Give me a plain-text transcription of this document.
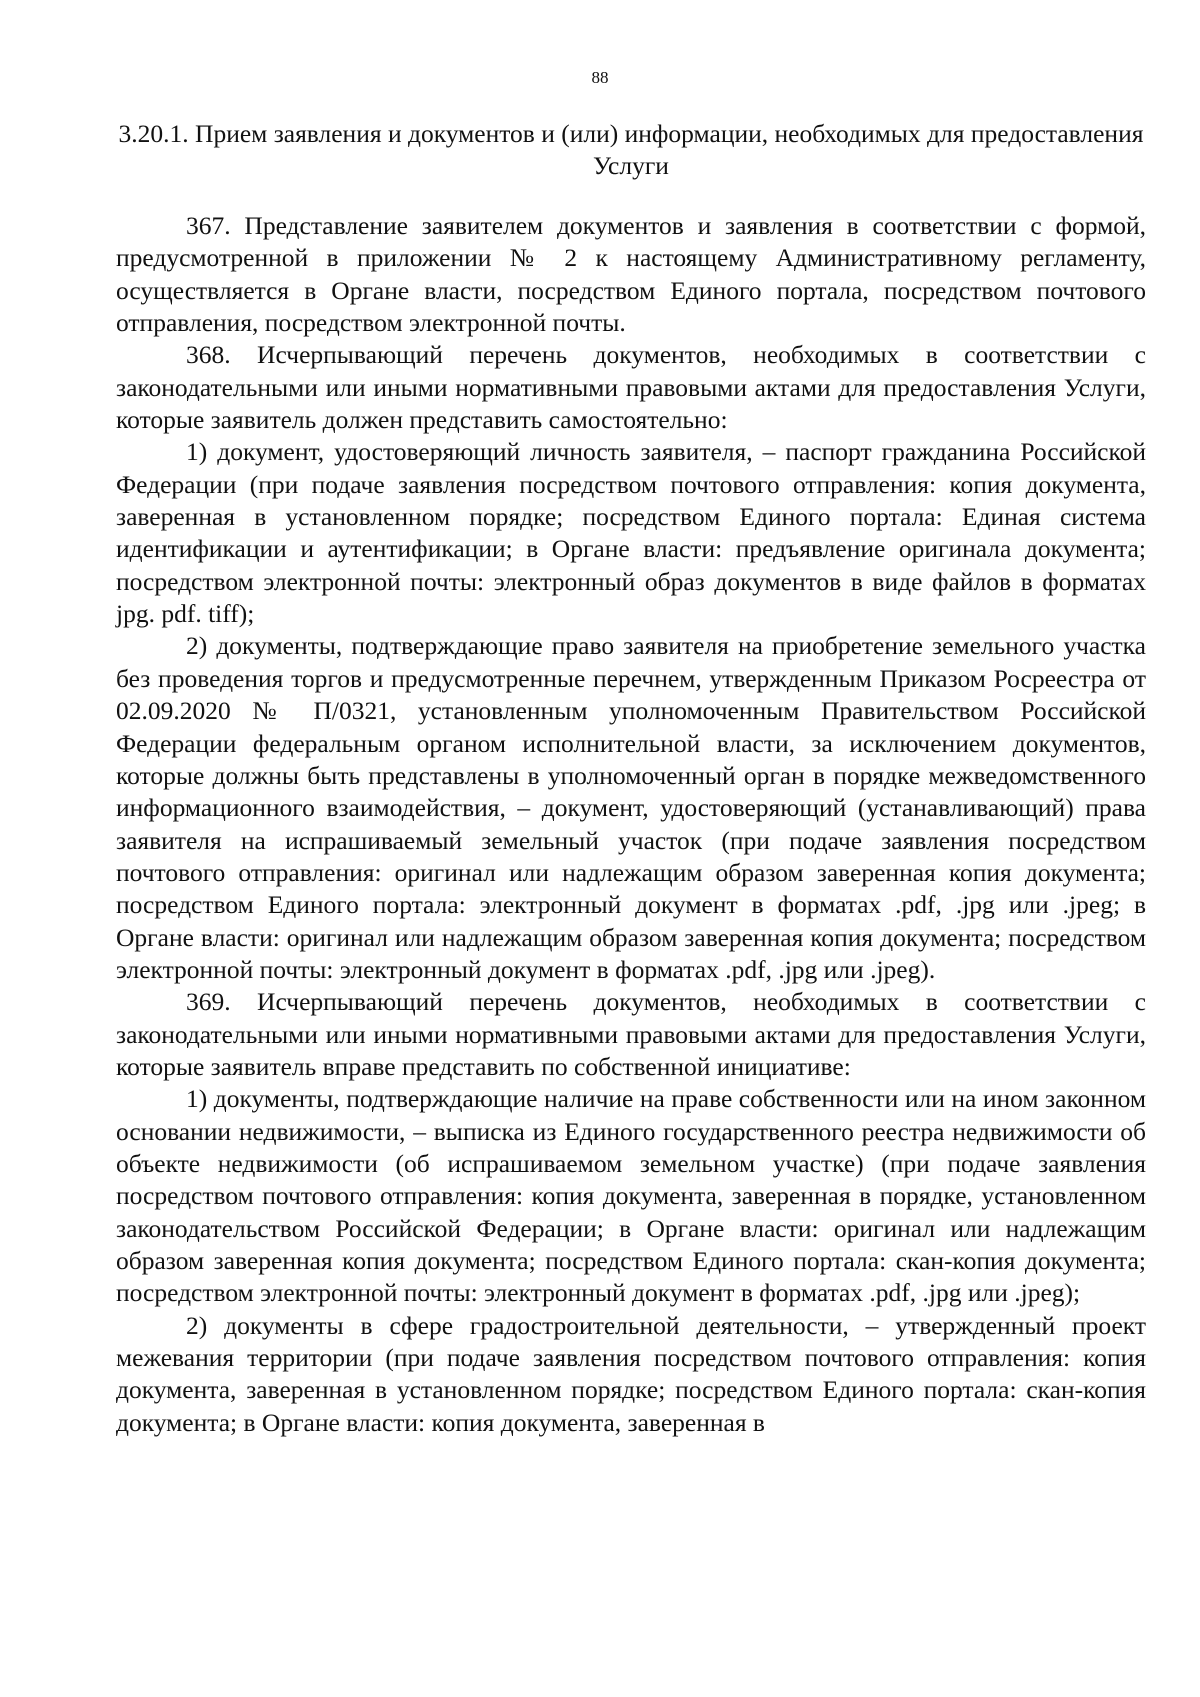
88
3.20.1. Прием заявления и документов и (или) информации, необходимых для предоставления Услуги

367. Представление заявителем документов и заявления в соответствии с формой, предусмотренной в приложении № 2 к настоящему Административному регламенту, осуществляется в Органе власти, посредством Единого портала, посредством почтового отправления, посредством электронной почты.

368. Исчерпывающий перечень документов, необходимых в соответствии с законодательными или иными нормативными правовыми актами для предоставления Услуги, которые заявитель должен представить самостоятельно:

1) документ, удостоверяющий личность заявителя, – паспорт гражданина Российской Федерации (при подаче заявления посредством почтового отправления: копия документа, заверенная в установленном порядке; посредством Единого портала: Единая система идентификации и аутентификации; в Органе власти: предъявление оригинала документа; посредством электронной почты: электронный образ документов в виде файлов в форматах jpg. pdf. tiff);

2) документы, подтверждающие право заявителя на приобретение земельного участка без проведения торгов и предусмотренные перечнем, утвержденным Приказом Росреестра от 02.09.2020 № П/0321, установленным уполномоченным Правительством Российской Федерации федеральным органом исполнительной власти, за исключением документов, которые должны быть представлены в уполномоченный орган в порядке межведомственного информационного взаимодействия, – документ, удостоверяющий (устанавливающий) права заявителя на испрашиваемый земельный участок (при подаче заявления посредством почтового отправления: оригинал или надлежащим образом заверенная копия документа; посредством Единого портала: электронный документ в форматах .pdf, .jpg или .jpeg; в Органе власти: оригинал или надлежащим образом заверенная копия документа; посредством электронной почты: электронный документ в форматах .pdf, .jpg или .jpeg).

369. Исчерпывающий перечень документов, необходимых в соответствии с законодательными или иными нормативными правовыми актами для предоставления Услуги, которые заявитель вправе представить по собственной инициативе:

1) документы, подтверждающие наличие на праве собственности или на ином законном основании недвижимости, – выписка из Единого государственного реестра недвижимости об объекте недвижимости (об испрашиваемом земельном участке) (при подаче заявления посредством почтового отправления: копия документа, заверенная в порядке, установленном законодательством Российской Федерации; в Органе власти: оригинал или надлежащим образом заверенная копия документа; посредством Единого портала: скан-копия документа; посредством электронной почты: электронный документ в форматах .pdf, .jpg или .jpeg);

2) документы в сфере градостроительной деятельности, – утвержденный проект межевания территории (при подаче заявления посредством почтового отправления: копия документа, заверенная в установленном порядке; посредством Единого портала: скан-копия документа; в Органе власти: копия документа, заверенная в
